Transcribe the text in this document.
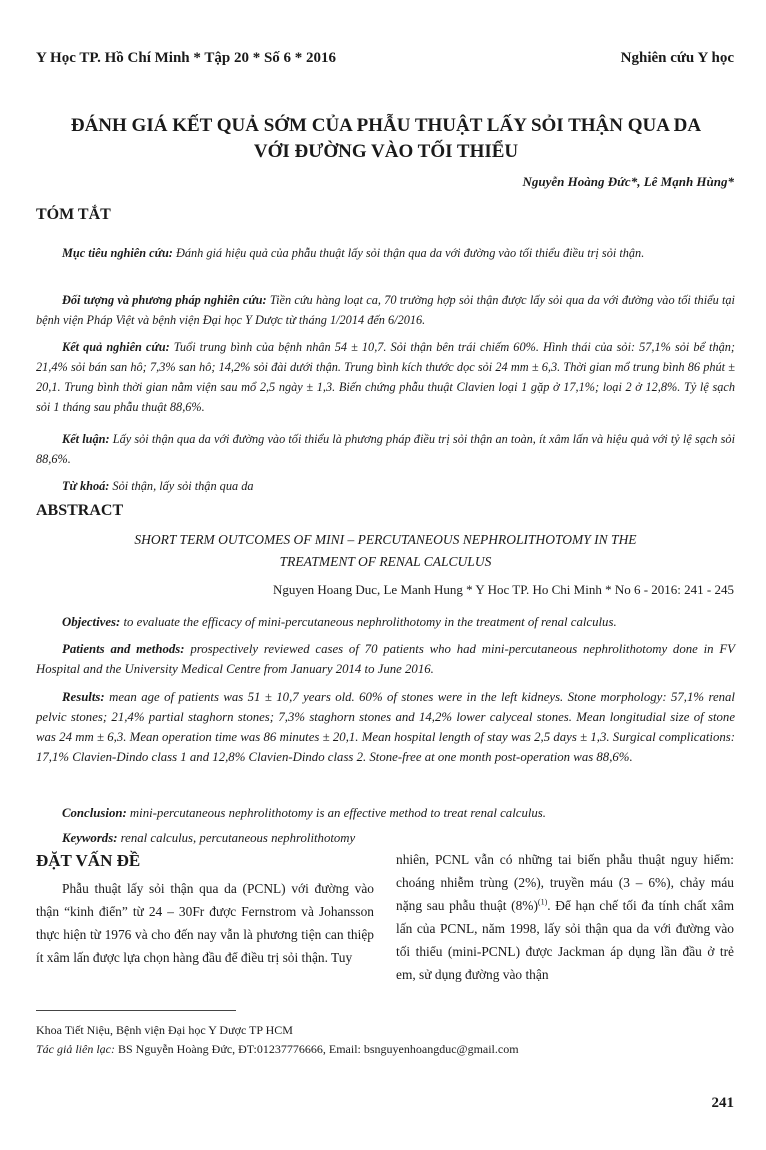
Y Học TP. Hồ Chí Minh * Tập 20 * Số 6 * 2016	Nghiên cứu Y học
ĐÁNH GIÁ KẾT QUẢ SỚM CỦA PHẪU THUẬT LẤY SỎI THẬN QUA DA
VỚI ĐƯỜNG VÀO TỐI THIỂU
Nguyễn Hoàng Đức*, Lê Mạnh Hùng*
TÓM TẮT
Mục tiêu nghiên cứu: Đánh giá hiệu quả của phẫu thuật lấy sỏi thận qua da với đường vào tối thiểu điều trị sỏi thận.
Đối tượng và phương pháp nghiên cứu: Tiền cứu hàng loạt ca, 70 trường hợp sỏi thận được lấy sỏi qua da với đường vào tối thiểu tại bệnh viện Pháp Việt và bệnh viện Đại học Y Dược từ tháng 1/2014 đến 6/2016.
Kết quả nghiên cứu: Tuổi trung bình của bệnh nhân 54 ± 10,7. Sỏi thận bên trái chiếm 60%. Hình thái của sỏi: 57,1% sỏi bể thận; 21,4% sỏi bán san hô; 7,3% san hô; 14,2% sỏi đài dưới thận. Trung bình kích thước dọc sỏi 24 mm ± 6,3. Thời gian mổ trung bình 86 phút ± 20,1. Trung bình thời gian nằm viện sau mổ 2,5 ngày ± 1,3. Biến chứng phẫu thuật Clavien loại 1 gặp ở 17,1%; loại 2 ở 12,8%. Tỷ lệ sạch sỏi 1 tháng sau phẫu thuật 88,6%.
Kết luận: Lấy sỏi thận qua da với đường vào tối thiểu là phương pháp điều trị sỏi thận an toàn, ít xâm lấn và hiệu quả với tỷ lệ sạch sỏi 88,6%.
Từ khoá: Sỏi thận, lấy sỏi thận qua da
ABSTRACT
SHORT TERM OUTCOMES OF MINI – PERCUTANEOUS NEPHROLITHOTOMY IN THE
TREATMENT OF RENAL CALCULUS
Nguyen Hoang Duc, Le Manh Hung * Y Hoc TP. Ho Chi Minh * No 6 - 2016: 241 - 245
Objectives: to evaluate the efficacy of mini-percutaneous nephrolithotomy in the treatment of renal calculus.
Patients and methods: prospectively reviewed cases of 70 patients who had mini-percutaneous nephrolithotomy done in FV Hospital and the University Medical Centre from January 2014 to June 2016.
Results: mean age of patients was 51 ± 10,7 years old. 60% of stones were in the left kidneys. Stone morphology: 57,1% renal pelvic stones; 21,4% partial staghorn stones; 7,3% staghorn stones and 14,2% lower calyceal stones. Mean longitudial size of stone was 24 mm ± 6,3. Mean operation time was 86 minutes ± 20,1. Mean hospital length of stay was 2,5 days ± 1,3. Surgical complications: 17,1% Clavien-Dindo class 1 and 12,8% Clavien-Dindo class 2. Stone-free at one month post-operation was 88,6%.
Conclusion: mini-percutaneous nephrolithotomy is an effective method to treat renal calculus.
Keywords: renal calculus, percutaneous nephrolithotomy
ĐẶT VẤN ĐỀ
Phẫu thuật lấy sỏi thận qua da (PCNL) với đường vào thận “kinh điển” từ 24 – 30Fr được Fernstrom và Johansson thực hiện từ 1976 và cho đến nay vẫn là phương tiện can thiệp ít xâm lấn được lựa chọn hàng đầu để điều trị sỏi thận. Tuy
nhiên, PCNL vẫn có những tai biến phẫu thuật nguy hiểm: choáng nhiễm trùng (2%), truyền máu (3 – 6%), chảy máu nặng sau phẫu thuật $(8\%)^{(1)}$. Để hạn chế tối đa tính chất xâm lấn của PCNL, năm 1998, lấy sỏi thận qua da với đường vào tối thiểu (mini-PCNL) được Jackman áp dụng lần đầu ở trẻ em, sử dụng đường vào thận
Khoa Tiết Niệu, Bệnh viện Đại học Y Dược TP HCM
Tác giả liên lạc: BS Nguyễn Hoàng Đức, ĐT:01237776666, Email: bsnguyenhoangduc@gmail.com
241
